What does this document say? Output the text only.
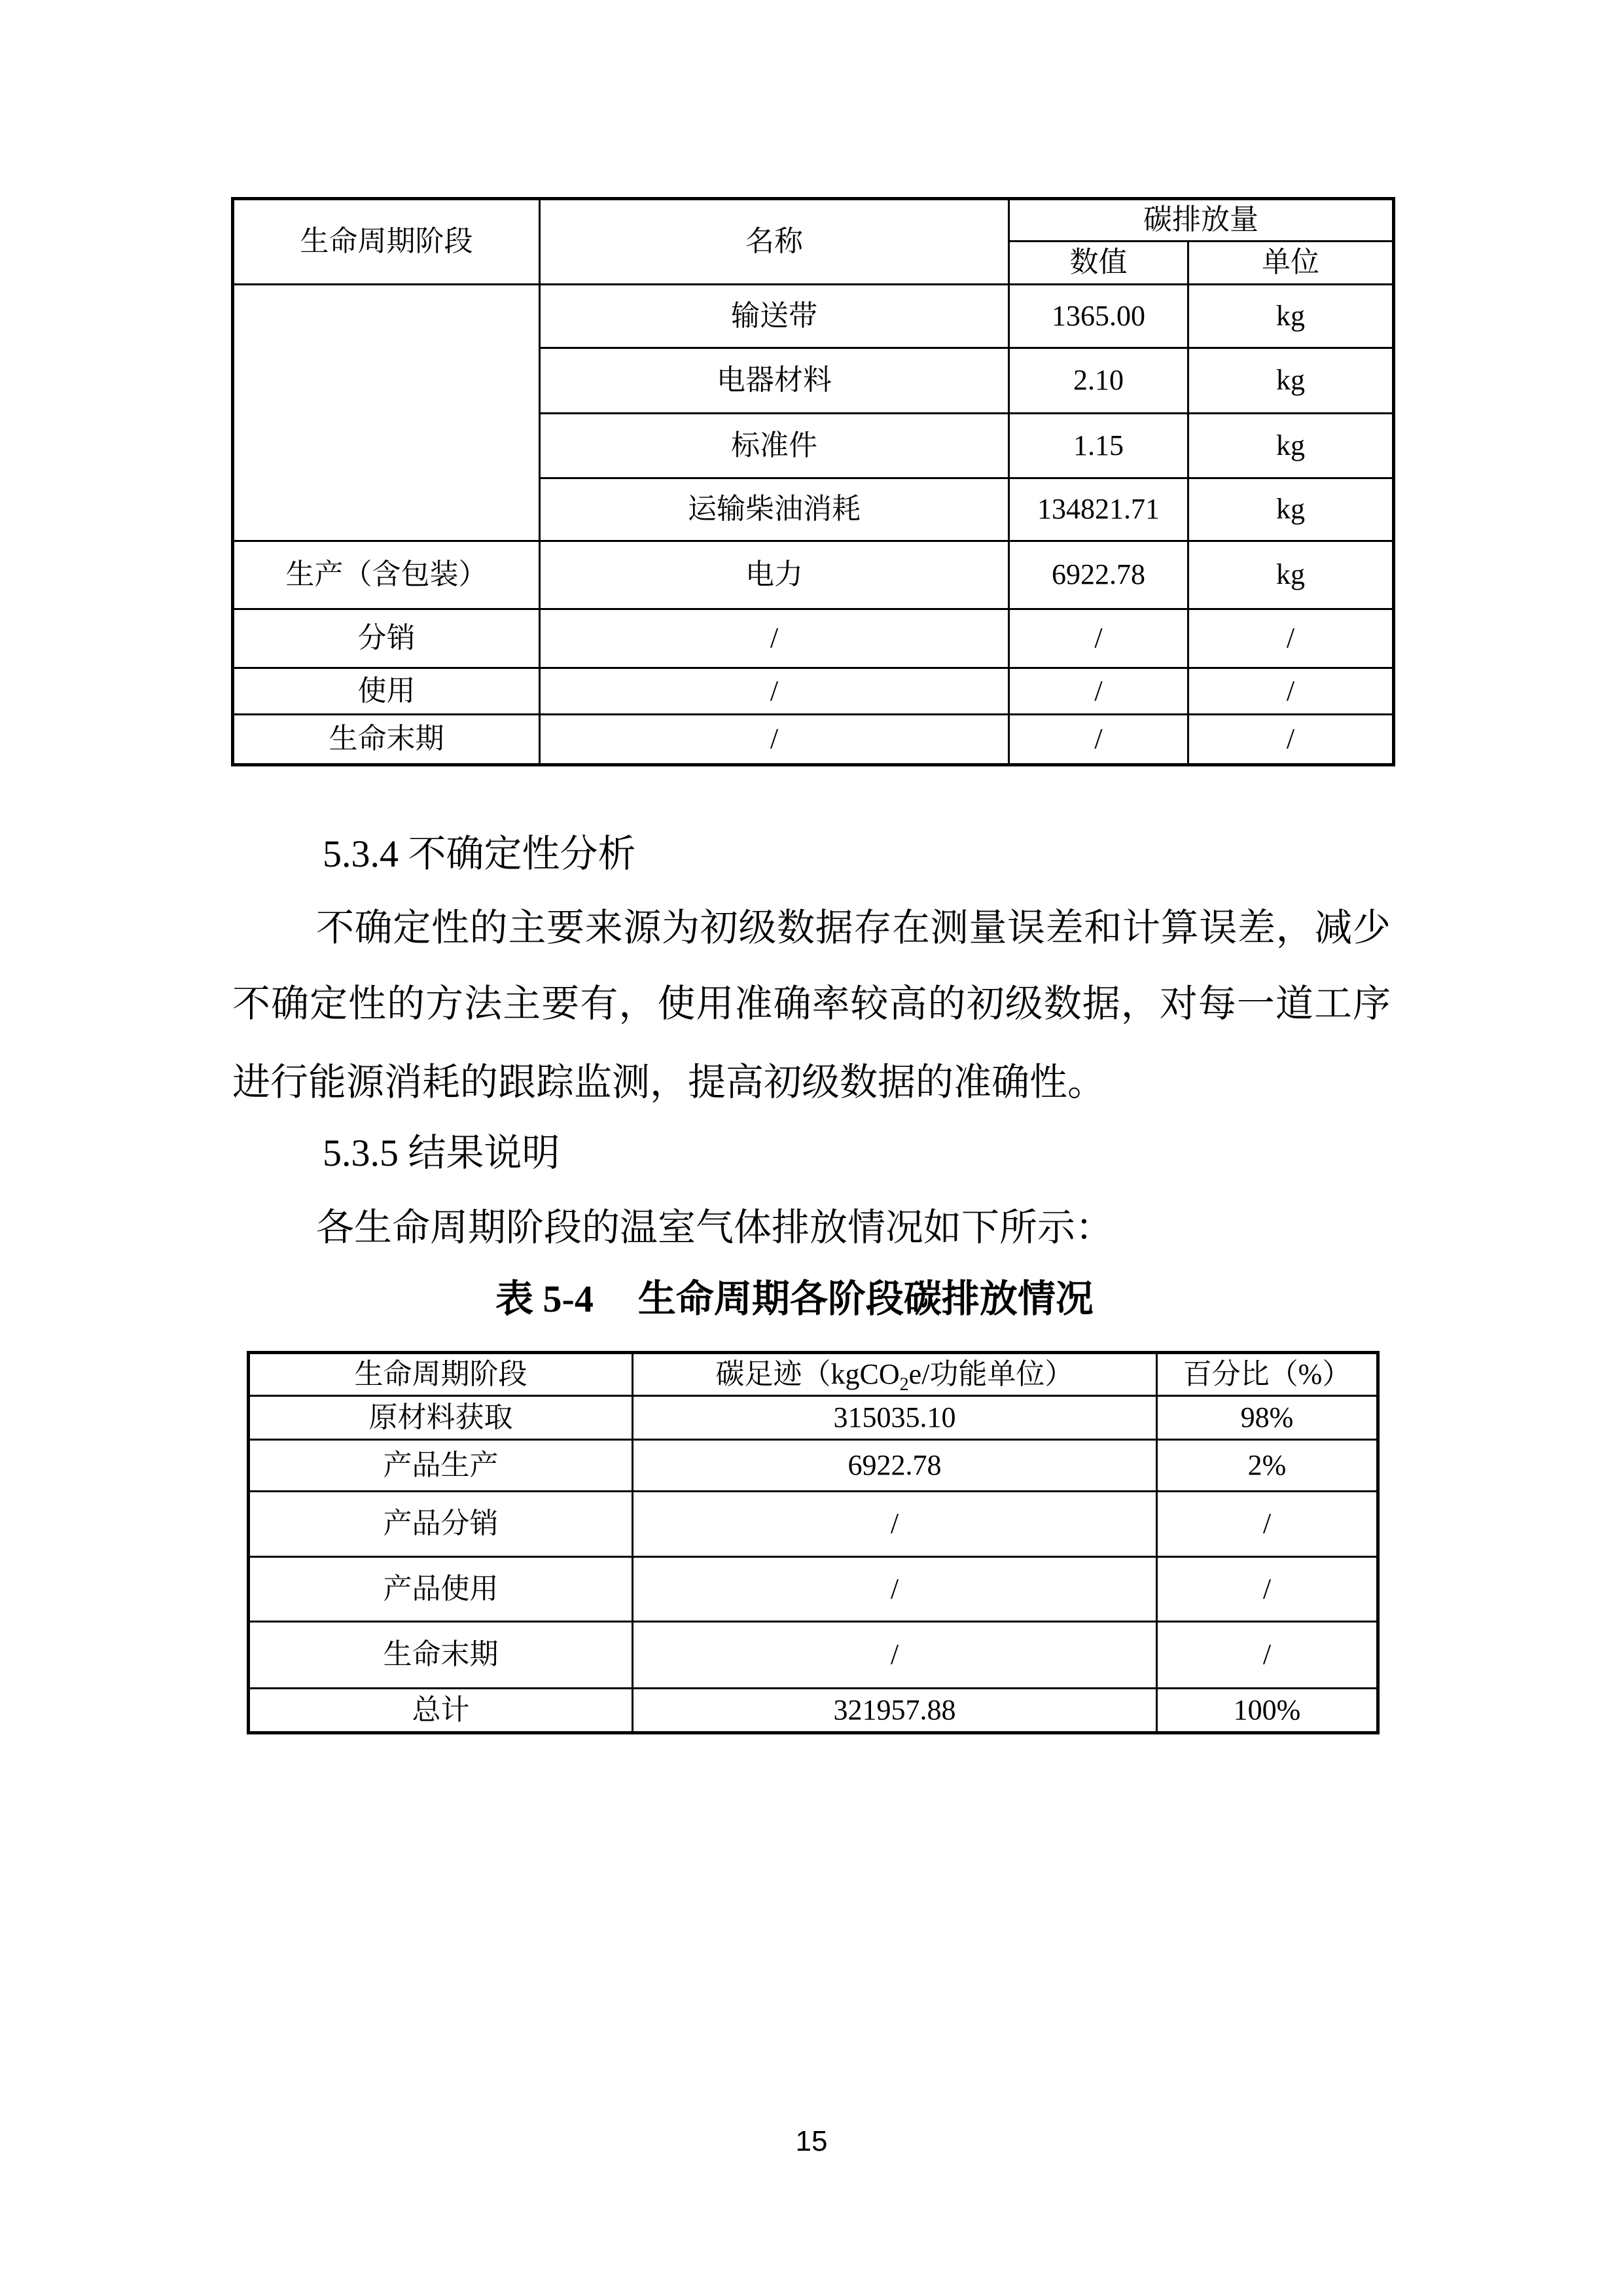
生命周期阶段	名称	碳排放量	
		数值	单位
	输送带	1365.00	kg
	电器材料	2.10	kg
	标准件	1.15	kg
	运输柴油消耗	134821.71	kg
生产（含包装）	电力	6922.78	kg
分销	/	/	/
使用	/	/	/
生命末期	/	/	/
5.3.4 不确定性分析
不确定性的主要来源为初级数据存在测量误差和计算误差，减少
不确定性的方法主要有，使用准确率较高的初级数据，对每一道工序
进行能源消耗的跟踪监测，提高初级数据的准确性。
5.3.5 结果说明
各生命周期阶段的温室气体排放情况如下所示：
表 5-4 生命周期各阶段碳排放情况
生命周期阶段	碳足迹（kgCO$_2$e/功能单位）	百分比（%）
原材料获取	315035.10	98%
产品生产	6922.78	2%
产品分销	/	/
产品使用	/	/
生命末期	/	/
总计	321957.88	100%
15
